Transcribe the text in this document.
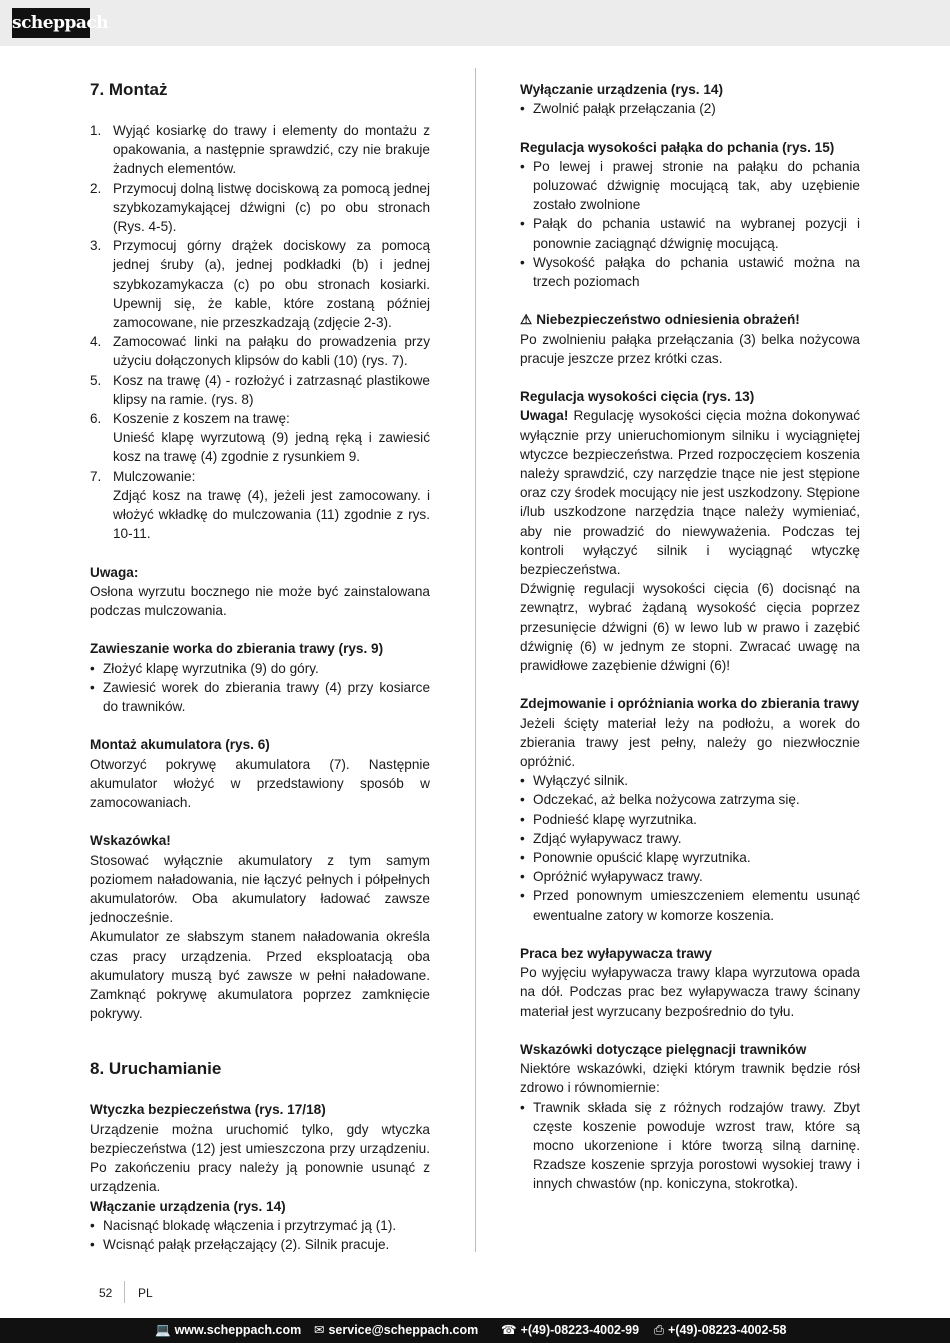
scheppach
7. Montaż
1. Wyjąć kosiarkę do trawy i elementy do montażu z opakowania, a następnie sprawdzić, czy nie brakuje żadnych elementów.
2. Przymocuj dolną listwę dociskową za pomocą jednej szybkozamykającej dźwigni (c) po obu stronach (Rys. 4-5).
3. Przymocuj górny drążek dociskowy za pomocą jednej śruby (a), jednej podkładki (b) i jednej szybkozamykacza (c) po obu stronach kosiarki. Upewnij się, że kable, które zostaną później zamocowane, nie przeszkadzają (zdjęcie 2-3).
4. Zamocować linki na pałąku do prowadzenia przy użyciu dołączonych klipsów do kabli (10) (rys. 7).
5. Kosz na trawę (4) - rozłożyć i zatrzasnąć plastikowe klipsy na ramie. (rys. 8)
6. Koszenie z koszem na trawę:
Unieść klapę wyrzutową (9) jedną ręką i zawiesić kosz na trawę (4) zgodnie z rysunkiem 9.
7. Mulczowanie:
Zdjąć kosz na trawę (4), jeżeli jest zamocowany. i włożyć wkładkę do mulczowania (11) zgodnie z rys. 10-11.
Uwaga:

Osłona wyrzutu bocznego nie może być zainstalowana podczas mulczowania.

Zawieszanie worka do zbierania trawy (rys. 9)
• Złożyć klapę wyrzutnika (9) do góry.
• Zawiesić worek do zbierania trawy (4) przy kosiarce do trawników.
Montaż akumulatora (rys. 6)

Otworzyć pokrywę akumulatora (7). Następnie akumulator włożyć w przedstawiony sposób w zamocowaniach.

Wskazówka!

Stosować wyłącznie akumulatory z tym samym poziomem naładowania, nie łączyć pełnych i półpełnych akumulatorów. Oba akumulatory ładować zawsze jednocześnie.

Akumulator ze słabszym stanem naładowania określa czas pracy urządzenia. Przed eksploatacją oba akumulatory muszą być zawsze w pełni naładowane. Zamknąć pokrywę akumulatora poprzez zamknięcie pokrywy.

8. Uruchamianie
Wtyczka bezpieczeństwa (rys. 17/18)

Urządzenie można uruchomić tylko, gdy wtyczka bezpieczeństwa (12) jest umieszczona przy urządzeniu. Po zakończeniu pracy należy ją ponownie usunąć z urządzenia.

Włączanie urządzenia (rys. 14)
• Nacisnąć blokadę włączenia i przytrzymać ją (1).
• Wcisnąć pałąk przełączający (2). Silnik pracuje.
Wyłączanie urządzenia (rys. 14)
• Zwolnić pałąk przełączania (2)
Regulacja wysokości pałąka do pchania (rys. 15)
• Po lewej i prawej stronie na pałąku do pchania poluzować dźwignię mocującą tak, aby uzębienie zostało zwolnione
• Pałąk do pchania ustawić na wybranej pozycji i ponownie zaciągnąć dźwignię mocującą.
• Wysokość pałąka do pchania ustawić można na trzech poziomach
⚠ Niebezpieczeństwo odniesienia obrażeń!

Po zwolnieniu pałąka przełączania (3) belka nożycowa pracuje jeszcze przez krótki czas.

Regulacja wysokości cięcia (rys. 13)

Uwaga! Regulację wysokości cięcia można dokonywać wyłącznie przy unieruchomionym silniku i wyciągniętej wtyczce bezpieczeństwa. Przed rozpoczęciem koszenia należy sprawdzić, czy narzędzie tnące nie jest stępione oraz czy środek mocujący nie jest uszkodzony. Stępione i/lub uszkodzone narzędzia tnące należy wymieniać, aby nie prowadzić do niewyważenia. Podczas tej kontroli wyłączyć silnik i wyciągnąć wtyczkę bezpieczeństwa.

Dźwignię regulacji wysokości cięcia (6) docisnąć na zewnątrz, wybrać żądaną wysokość cięcia poprzez przesunięcie dźwigni (6) w lewo lub w prawo i zazębić dźwignię (6) w jednym ze stopni. Zwracać uwagę na prawidłowe zazębienie dźwigni (6)!

Zdejmowanie i opróżniania worka do zbierania trawy

Jeżeli ścięty materiał leży na podłożu, a worek do zbierania trawy jest pełny, należy go niezwłocznie opróżnić.

• Wyłączyć silnik.
• Odczekać, aż belka nożycowa zatrzyma się.
• Podnieść klapę wyrzutnika.
• Zdjąć wyłapywacz trawy.
• Ponownie opuścić klapę wyrzutnika.
• Opróżnić wyłapywacz trawy.
• Przed ponownym umieszczeniem elementu usunąć ewentualne zatory w komorze koszenia.
Praca bez wyłapywacza trawy

Po wyjęciu wyłapywacza trawy klapa wyrzutowa opada na dół. Podczas prac bez wyłapywacza trawy ścinany materiał jest wyrzucany bezpośrednio do tyłu.

Wskazówki dotyczące pielęgnacji trawników

Niektóre wskazówki, dzięki którym trawnik będzie rósł zdrowo i równomiernie:

• Trawnik składa się z różnych rodzajów trawy. Zbyt częste koszenie powoduje wzrost traw, które są mocno ukorzenione i które tworzą silną darninę. Rzadsze koszenie sprzyja porostowi wysokiej trawy i innych chwastów (np. koniczyna, stokrotka).
52 PL
💻 www.scheppach.com ✉ service@scheppach.com ☎ +(49)-08223-4002-99 ⎙ +(49)-08223-4002-58
